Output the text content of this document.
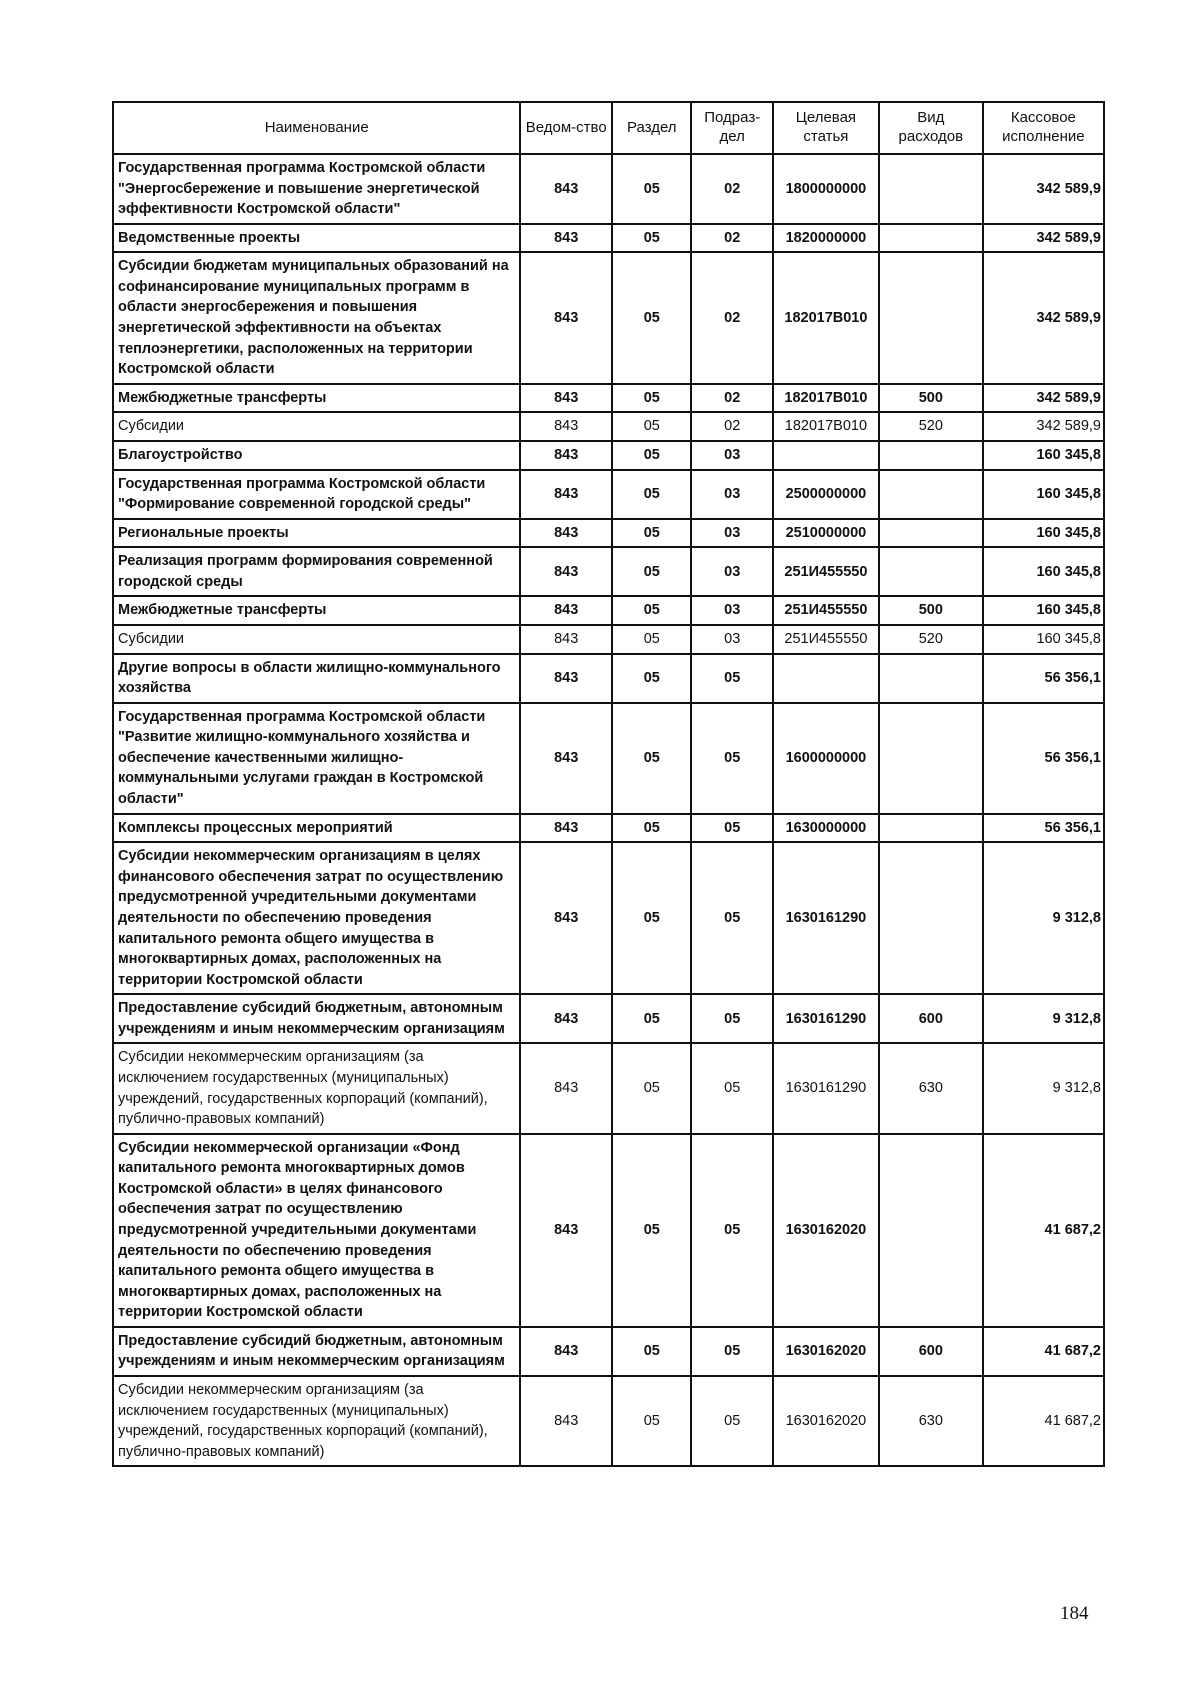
Наименование	Ведом-ство	Раздел	Подраз-дел	Целевая статья	Вид расходов	Кассовое исполнение
Государственная программа Костромской области "Энергосбережение и повышение энергетической эффективности Костромской области"	843	05	02	1800000000		342 589,9
Ведомственные проекты	843	05	02	1820000000		342 589,9
Субсидии бюджетам муниципальных образований на софинансирование муниципальных программ в области энергосбережения и повышения энергетической эффективности на объектах теплоэнергетики, расположенных на территории Костромской области	843	05	02	182017B010		342 589,9
Межбюджетные трансферты	843	05	02	182017B010	500	342 589,9
Субсидии	843	05	02	182017B010	520	342 589,9
Благоустройство	843	05	03			160 345,8
Государственная программа Костромской области "Формирование современной городской среды"	843	05	03	2500000000		160 345,8
Региональные проекты	843	05	03	2510000000		160 345,8
Реализация программ формирования современной городской среды	843	05	03	251И455550		160 345,8
Межбюджетные трансферты	843	05	03	251И455550	500	160 345,8
Субсидии	843	05	03	251И455550	520	160 345,8
Другие вопросы в области жилищно-коммунального хозяйства	843	05	05			56 356,1
Государственная программа Костромской области "Развитие жилищно-коммунального хозяйства и обеспечение качественными жилищно-коммунальными услугами граждан в Костромской области"	843	05	05	1600000000		56 356,1
Комплексы процессных мероприятий	843	05	05	1630000000		56 356,1
Субсидии некоммерческим организациям в целях финансового обеспечения затрат по осуществлению предусмотренной учредительными документами деятельности по обеспечению проведения капитального ремонта общего имущества в многоквартирных домах, расположенных на территории Костромской области	843	05	05	1630161290		9 312,8
Предоставление субсидий бюджетным, автономным учреждениям и иным некоммерческим организациям	843	05	05	1630161290	600	9 312,8
Субсидии некоммерческим организациям (за исключением государственных (муниципальных) учреждений, государственных корпораций (компаний), публично-правовых компаний)	843	05	05	1630161290	630	9 312,8
Субсидии некоммерческой организации «Фонд капитального ремонта многоквартирных домов Костромской области» в целях финансового обеспечения затрат по осуществлению предусмотренной учредительными документами деятельности по обеспечению проведения капитального ремонта общего имущества в многоквартирных домах, расположенных на территории Костромской области	843	05	05	1630162020		41 687,2
Предоставление субсидий бюджетным, автономным учреждениям и иным некоммерческим организациям	843	05	05	1630162020	600	41 687,2
Субсидии некоммерческим организациям (за исключением государственных (муниципальных) учреждений, государственных корпораций (компаний), публично-правовых компаний)	843	05	05	1630162020	630	41 687,2
184
